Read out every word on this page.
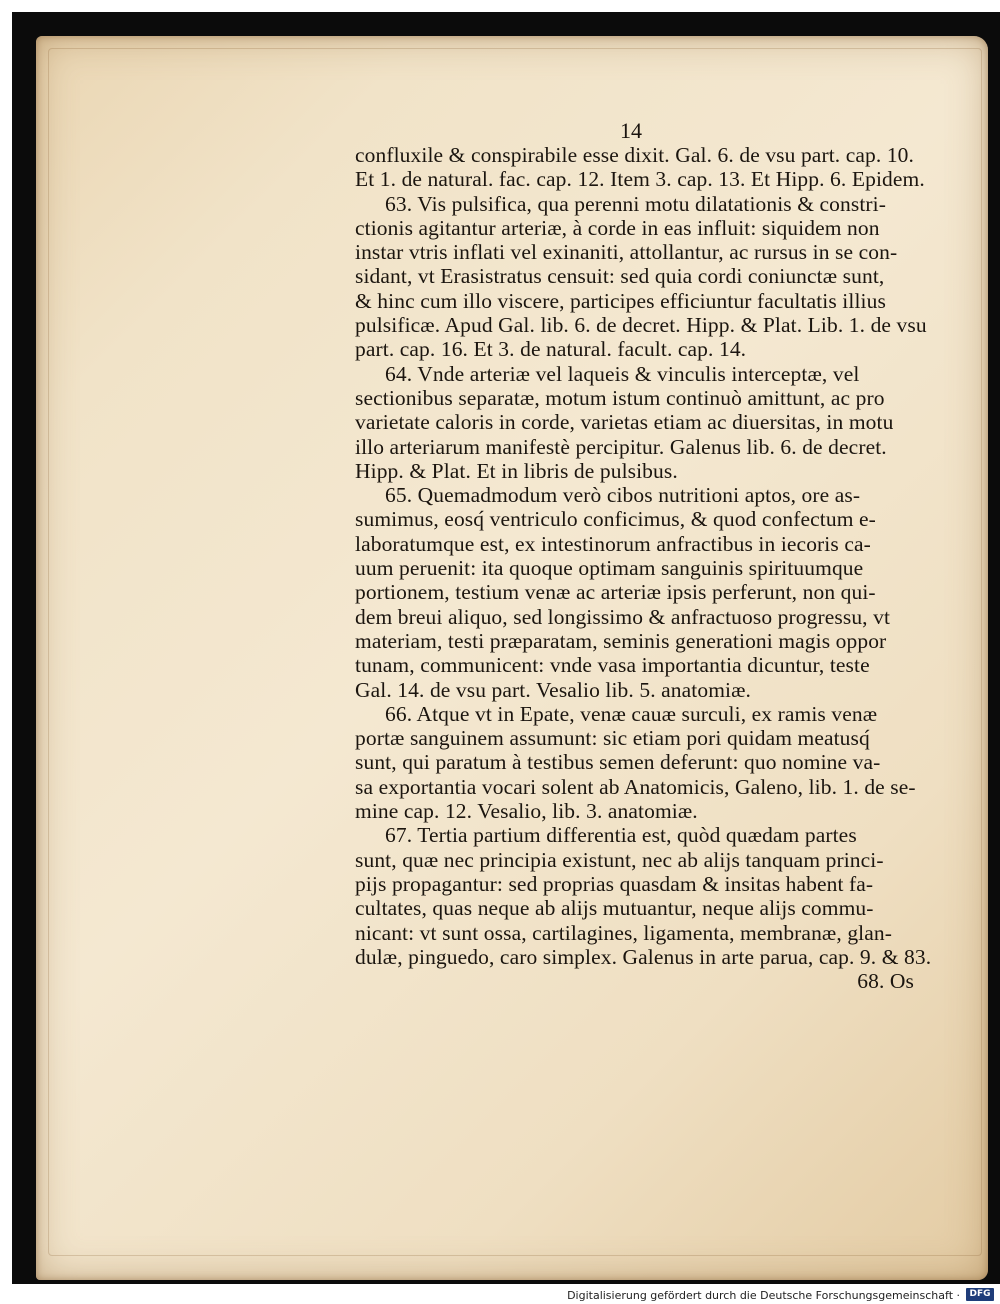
14
confluxile & conspirabile esse dixit. Gal. 6. de vsu part. cap. 10.
Et 1. de natural. fac. cap. 12. Item 3. cap. 13. Et Hipp. 6. Epidem.
63. Vis pulsifica, qua perenni motu dilatationis & constri-
ctionis agitantur arteriæ, à corde in eas influit: siquidem non
instar vtris inflati vel exinaniti, attollantur, ac rursus in se con-
sidant, vt Erasistratus censuit: sed quia cordi coniunctæ sunt,
& hinc cum illo viscere, participes efficiuntur facultatis illius
pulsificæ. Apud Gal. lib. 6. de decret. Hipp. & Plat. Lib. 1. de vsu
part. cap. 16. Et 3. de natural. facult. cap. 14.
64. Vnde arteriæ vel laqueis & vinculis interceptæ, vel
sectionibus separatæ, motum istum continuò amittunt, ac pro
varietate caloris in corde, varietas etiam ac diuersitas, in motu
illo arteriarum manifestè percipitur. Galenus lib. 6. de decret.
Hipp. & Plat. Et in libris de pulsibus.
65. Quemadmodum verò cibos nutritioni aptos, ore as-
sumimus, eosq́ ventriculo conficimus, & quod confectum e-
laboratumque est, ex intestinorum anfractibus in iecoris ca-
uum peruenit: ita quoque optimam sanguinis spirituumque
portionem, testium venæ ac arteriæ ipsis perferunt, non qui-
dem breui aliquo, sed longissimo & anfractuoso progressu, vt
materiam, testi præparatam, seminis generationi magis oppor
tunam, communicent: vnde vasa importantia dicuntur, teste
Gal. 14. de vsu part. Vesalio lib. 5. anatomiæ.
66. Atque vt in Epate, venæ cauæ surculi, ex ramis venæ
portæ sanguinem assumunt: sic etiam pori quidam meatusq́
sunt, qui paratum à testibus semen deferunt: quo nomine va-
sa exportantia vocari solent ab Anatomicis, Galeno, lib. 1. de se-
mine cap. 12. Vesalio, lib. 3. anatomiæ.
67. Tertia partium differentia est, quòd quædam partes
sunt, quæ nec principia existunt, nec ab alijs tanquam princi-
pijs propagantur: sed proprias quasdam & insitas habent fa-
cultates, quas neque ab alijs mutuantur, neque alijs commu-
nicant: vt sunt ossa, cartilagines, ligamenta, membranæ, glan-
dulæ, pinguedo, caro simplex. Galenus in arte parua, cap. 9. & 83.
68. Os
Digitalisierung gefördert durch die Deutsche Forschungsgemeinschaft ·	DFG
